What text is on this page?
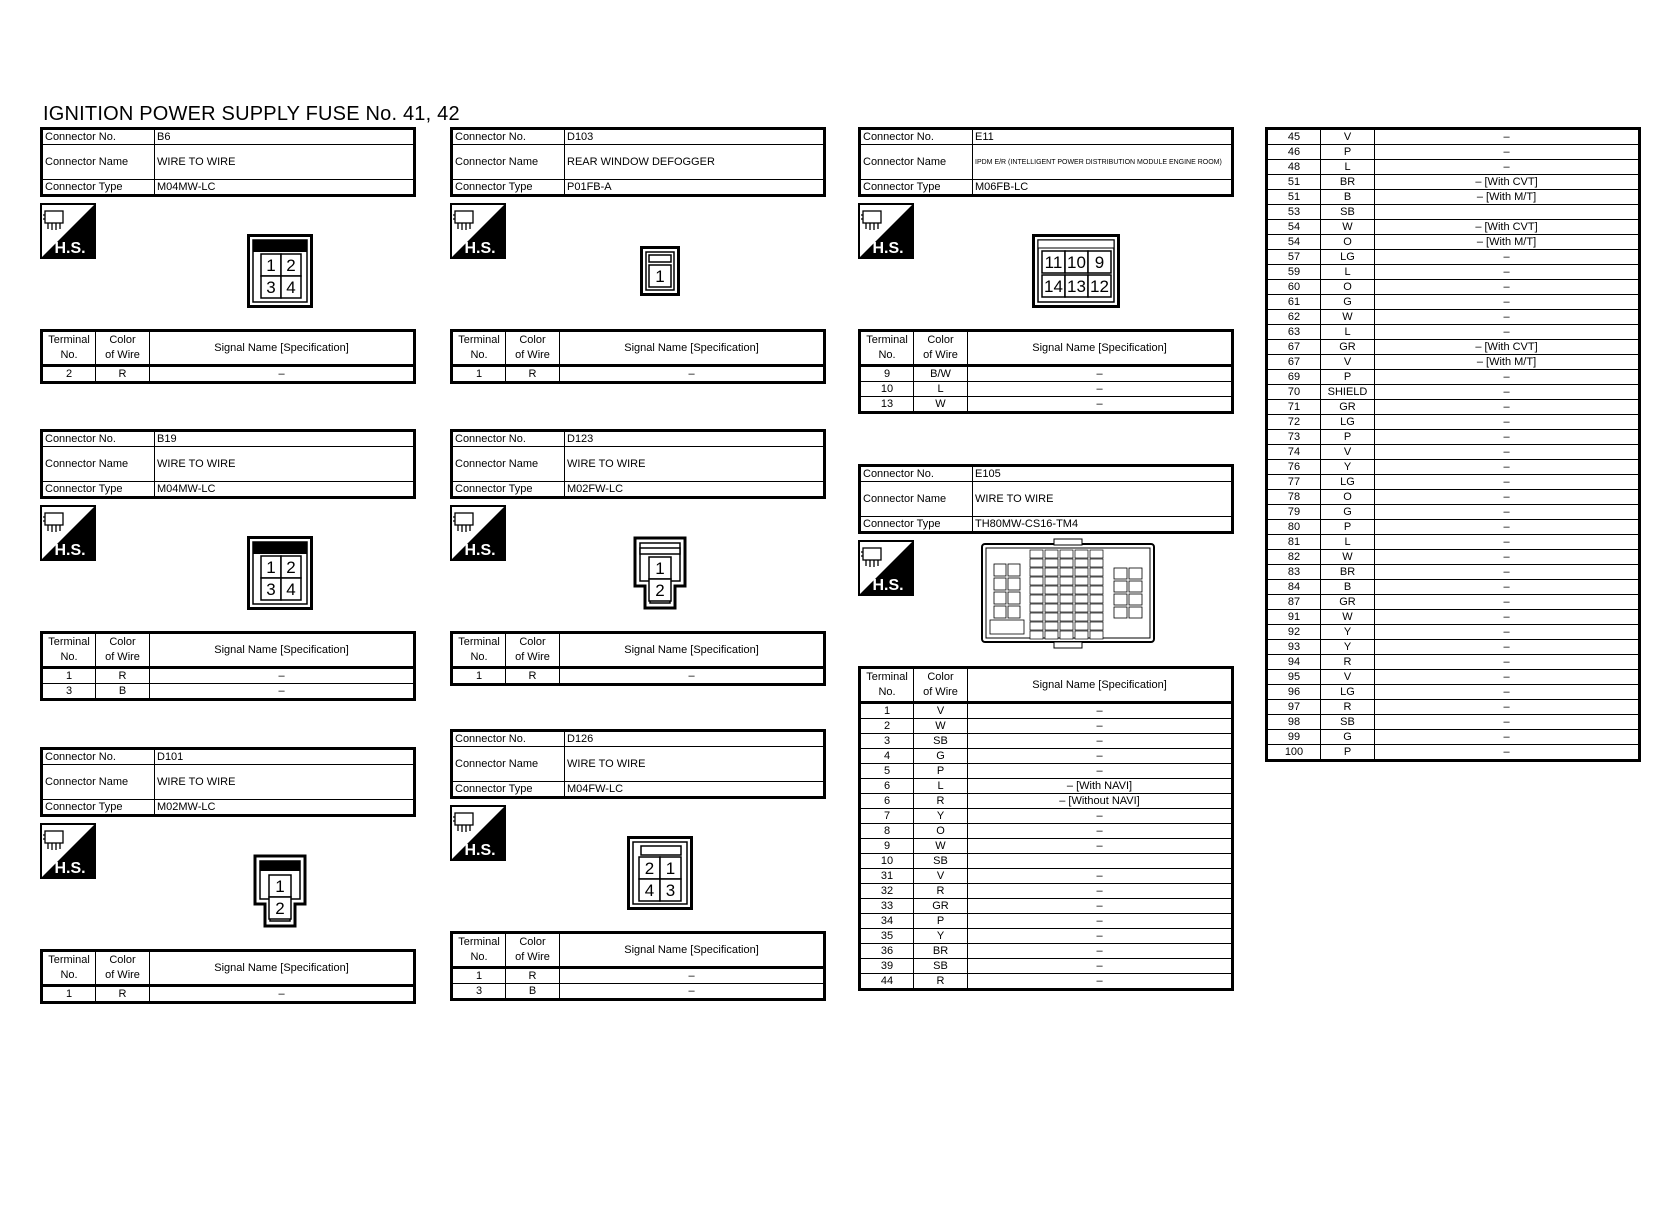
IGNITION POWER SUPPLY FUSE No. 41, 42
Connector No.	B6
Connector Name	WIRE TO WIRE
Connector Type	M04MW-LC
H.S.
1 2
3 4
Terminal
No.	Color
of Wire	Signal Name [Specification]
2	R	–
Connector No.	B19
Connector Name	WIRE TO WIRE
Connector Type	M04MW-LC
H.S.
1 2
3 4
Terminal
No.	Color
of Wire	Signal Name [Specification]
1	R	–
3	B	–
Connector No.	D101
Connector Name	WIRE TO WIRE
Connector Type	M02MW-LC
H.S.
1
2
Terminal
No.	Color
of Wire	Signal Name [Specification]
1	R	–
Connector No.	D103
Connector Name	REAR WINDOW DEFOGGER
Connector Type	P01FB-A
H.S.
1
Terminal
No.	Color
of Wire	Signal Name [Specification]
1	R	–
Connector No.	D123
Connector Name	WIRE TO WIRE
Connector Type	M02FW-LC
H.S.
1
2
Terminal
No.	Color
of Wire	Signal Name [Specification]
1	R	–
Connector No.	D126
Connector Name	WIRE TO WIRE
Connector Type	M04FW-LC
H.S.
2 1
4 3
Terminal
No.	Color
of Wire	Signal Name [Specification]
1	R	–
3	B	–
Connector No.	E11
Connector Name	IPDM E/R (INTELLIGENT POWER DISTRIBUTION MODULE ENGINE ROOM)
Connector Type	M06FB-LC
H.S.
11 10 9
14 13 12
Terminal
No.	Color
of Wire	Signal Name [Specification]
9	B/W	–
10	L	–
13	W	–
Connector No.	E105
Connector Name	WIRE TO WIRE
Connector Type	TH80MW-CS16-TM4
H.S.
Terminal
No.	Color
of Wire	Signal Name [Specification]
1	V	–
2	W	–
3	SB	–
4	G	–
5	P	–
6	L	– [With NAVI]
6	R	– [Without NAVI]
7	Y	–
8	O	–
9	W	–
10	SB	
31	V	–
32	R	–
33	GR	–
34	P	–
35	Y	–
36	BR	–
39	SB	–
44	R	–
45	V	–
46	P	–
48	L	–
51	BR	– [With CVT]
51	B	– [With M/T]
53	SB	
54	W	– [With CVT]
54	O	– [With M/T]
57	LG	–
59	L	–
60	O	–
61	G	–
62	W	–
63	L	–
67	GR	– [With CVT]
67	V	– [With M/T]
69	P	–
70	SHIELD	–
71	GR	–
72	LG	–
73	P	–
74	V	–
76	Y	–
77	LG	–
78	O	–
79	G	–
80	P	–
81	L	–
82	W	–
83	BR	–
84	B	–
87	GR	–
91	W	–
92	Y	–
93	Y	–
94	R	–
95	V	–
96	LG	–
97	R	–
98	SB	–
99	G	–
100	P	–
